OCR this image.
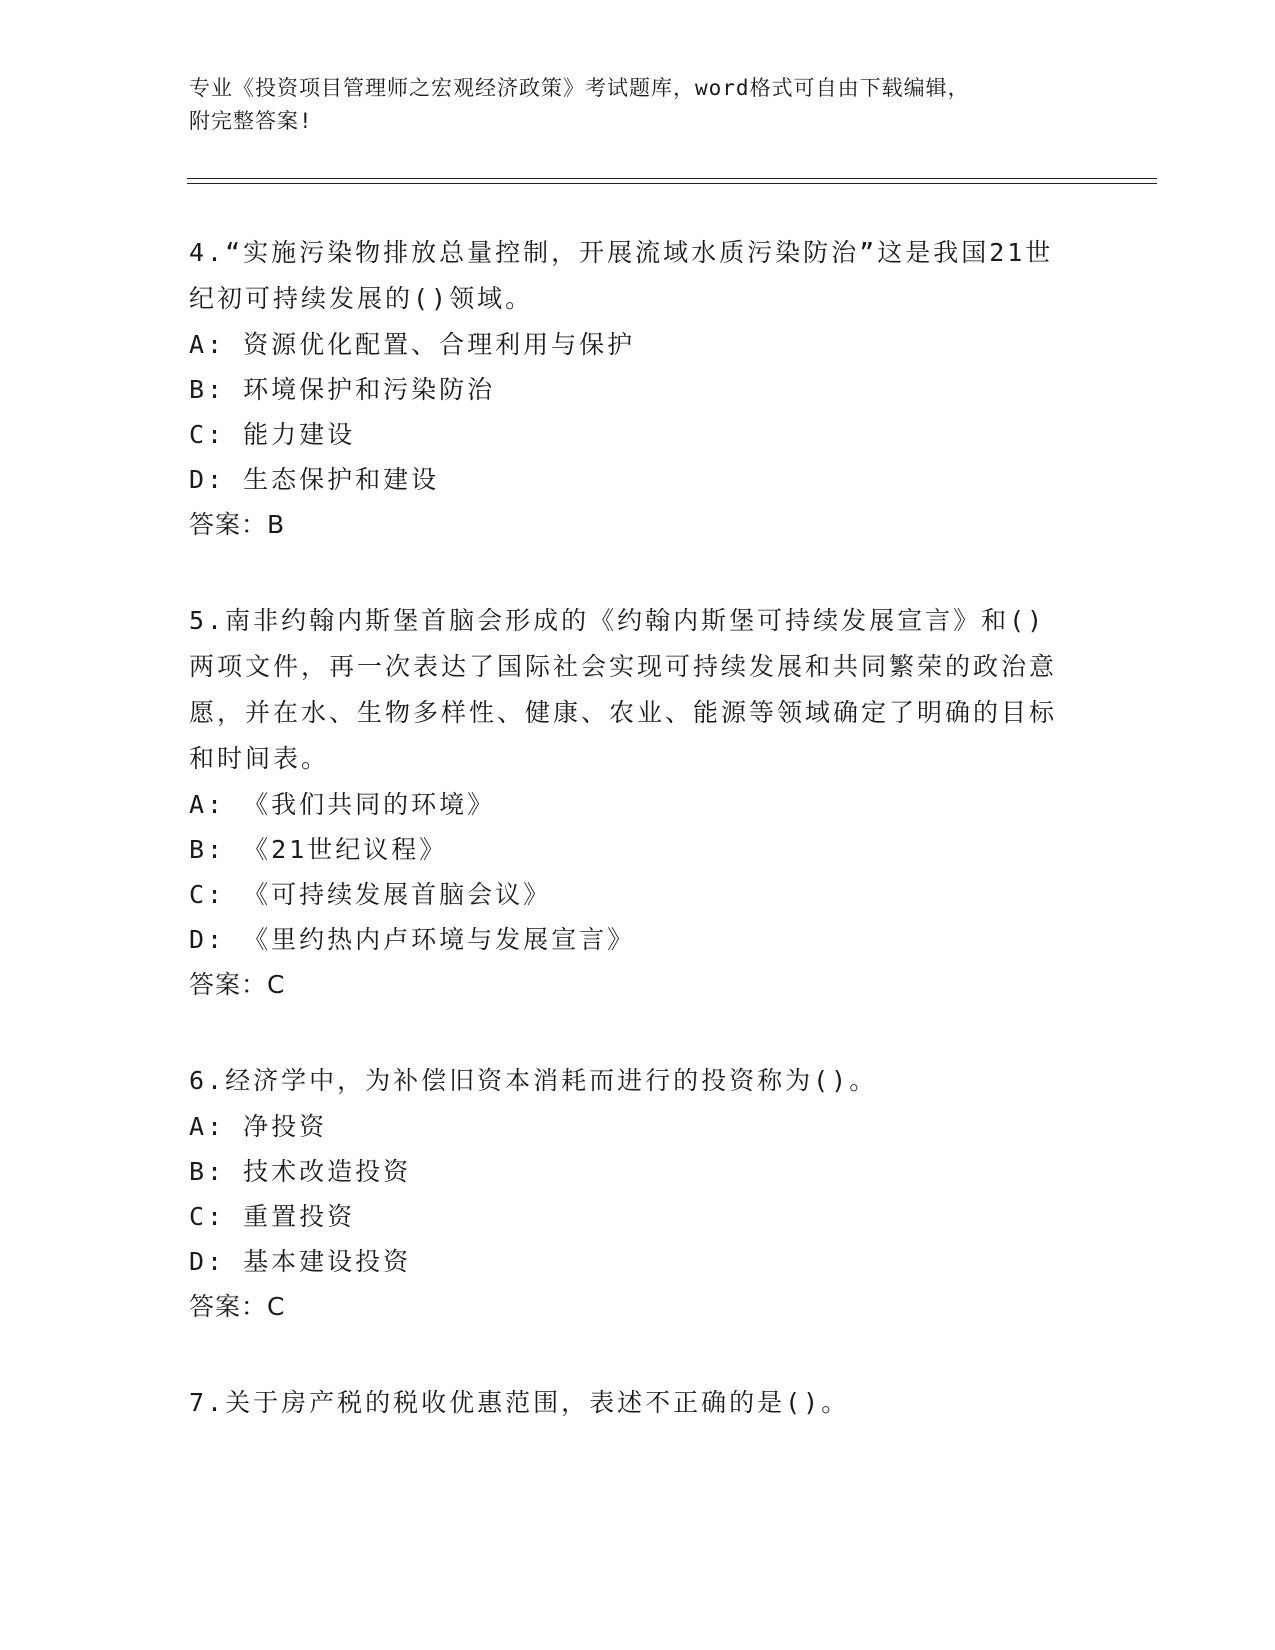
专业《投资项目管理师之宏观经济政策》考试题库，word格式可自由下载编辑，
附完整答案!
4.“实施污染物排放总量控制，开展流域水质污染防治”这是我国21世纪初可持续发展的()领域。
A: 资源优化配置、合理利用与保护
B: 环境保护和污染防治
C: 能力建设
D: 生态保护和建设
答案：B
5.南非约翰内斯堡首脑会形成的《约翰内斯堡可持续发展宣言》和()两项文件，再一次表达了国际社会实现可持续发展和共同繁荣的政治意愿，并在水、生物多样性、健康、农业、能源等领域确定了明确的目标和时间表。
A: 《我们共同的环境》
B: 《21世纪议程》
C: 《可持续发展首脑会议》
D: 《里约热内卢环境与发展宣言》
答案：C
6.经济学中，为补偿旧资本消耗而进行的投资称为()。
A: 净投资
B: 技术改造投资
C: 重置投资
D: 基本建设投资
答案：C
7.关于房产税的税收优惠范围，表述不正确的是()。
